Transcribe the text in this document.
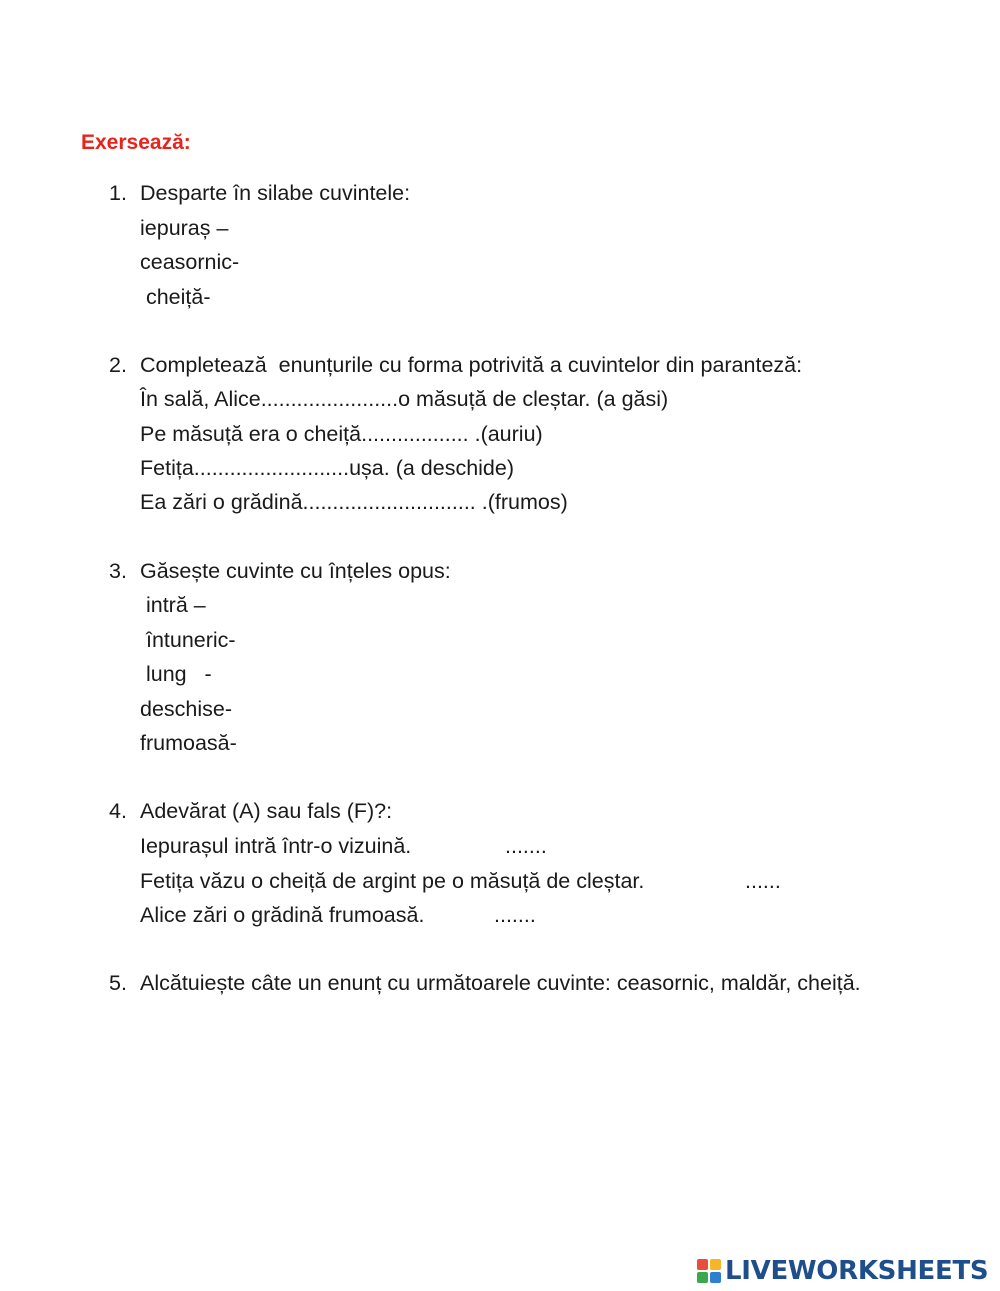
Exersează:
1. Desparte în silabe cuvintele:
iepuraș –
ceasornic-
cheiță-
2. Completează  enunțurile cu forma potrivită a cuvintelor din paranteză:
În sală, Alice.......................o măsuță de cleștar. (a găsi)
Pe măsuță era o cheiță.................. .(auriu)
Fetița..........................ușa. (a deschide)
Ea zări o grădină............................. .(frumos)
3. Găsește cuvinte cu înțeles opus:
intră –
întuneric-
lung   -
deschise-
frumoasă-
4. Adevărat (A) sau fals (F)?:
Iepurașul intră într-o vizuină.	.......
Fetița văzu o cheiță de argint pe o măsuță de cleștar.	......
Alice zări o grădină frumoasă.	.......
5. Alcătuiește câte un enunț cu următoarele cuvinte: ceasornic, maldăr, cheiță.
LIVEWORKSHEETS
